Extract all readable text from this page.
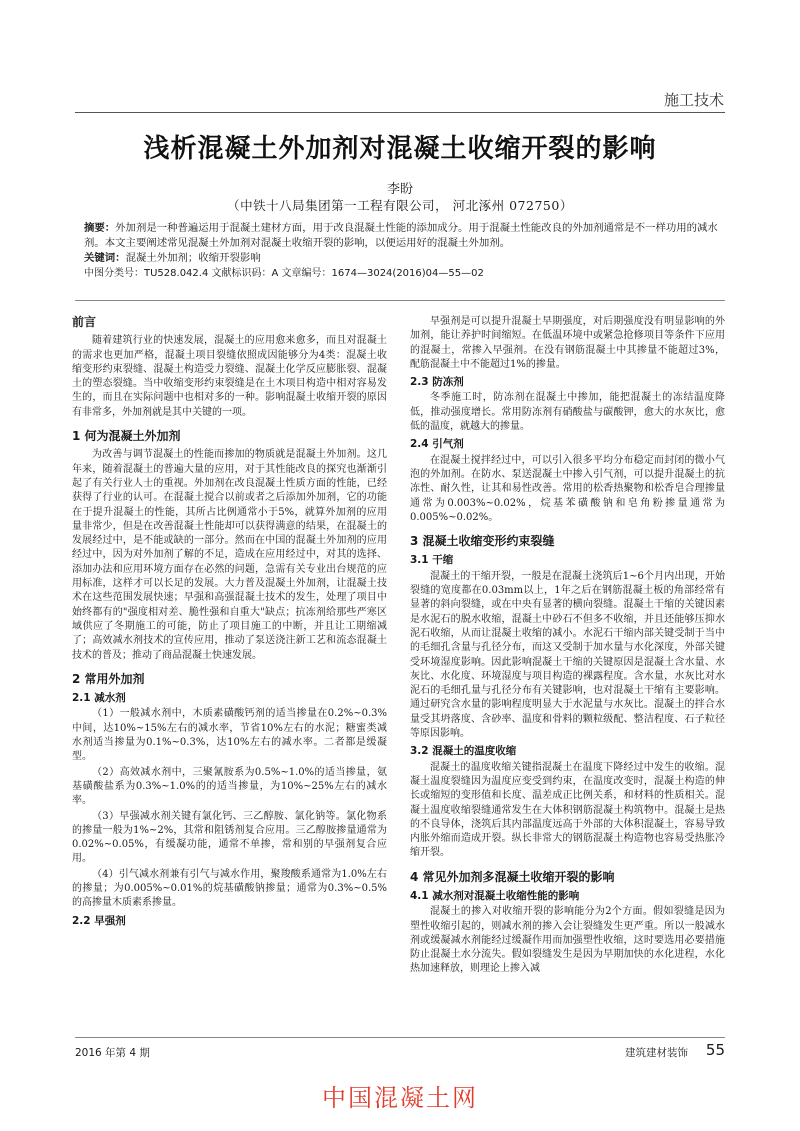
施工技术
浅析混凝土外加剂对混凝土收缩开裂的影响
李盼
（中铁十八局集团第一工程有限公司， 河北涿州 072750）

摘要：外加剂是一种普遍运用于混凝土建材方面，用于改良混凝土性能的添加成分。用于混凝土性能改良的外加剂通常是不一样功用的减水剂。本文主要阐述常见混凝土外加剂对混凝土收缩开裂的影响，以便运用好的混凝土外加剂。

关键词：混凝土外加剂；收缩开裂影响

中图分类号：TU528.042.4 文献标识码：A 文章编号：1674—3024(2016)04—55—02

前言

随着建筑行业的快速发展，混凝土的应用愈来愈多，而且对混凝土的需求也更加严格，混凝土项目裂缝依照成因能够分为4类：混凝土收缩变形约束裂缝、混凝土构造受力裂缝、混凝土化学反应膨胀裂、混凝土的塑态裂缝。当中收缩变形约束裂缝是在土木项目构造中相对容易发生的，而且在实际问题中也相对多的一种。影响混凝土收缩开裂的原因有非常多，外加剂就是其中关键的一项。

1 何为混凝土外加剂

为改善与调节混凝土的性能而掺加的物质就是混凝土外加剂。这几年来，随着混凝土的普遍大量的应用，对于其性能改良的探究也渐渐引起了有关行业人士的重视。外加剂在改良混凝土性质方面的性能，已经获得了行业的认可。在混凝土搅合以前或者之后添加外加剂，它的功能在于提升混凝土的性能，其所占比例通常小于5%，就算外加剂的应用量非常少，但是在改善混凝土性能却可以获得满意的结果，在混凝土的发展经过中，是不能或缺的一部分。然而在中国的混凝土外加剂的应用经过中，因为对外加剂了解的不足，造成在应用经过中，对其的选择、添加办法和应用环境方面存在必然的问题，急需有关专业出台规范的应用标准，这样才可以长足的发展。大力普及混凝土外加剂，让混凝土技术在这些范围发展快速；早强和高强混凝土技术的发生，处理了项目中始终都有的"强度相对差、脆性强和自重大"缺点；抗冻剂给那些严寒区域供应了冬期施工的可能，防止了项目施工的中断，并且让工期缩减了；高效减水剂技术的宣传应用，推动了泵送浇注新工艺和流态混凝土技术的普及；推动了商品混凝土快速发展。

2 常用外加剂
2.1 减水剂

（1）一般减水剂中，木质素磺酸钙剂的适当掺量在0.2%~0.3%中间，达10%~15%左右的减水率，节省10%左右的水泥；糖蜜类减水剂适当掺量为0.1%~0.3%，达10%左右的减水率。二者都是缓凝型。

（2）高效减水剂中，三聚氰胺系为0.5%~1.0%的适当掺量，氨基磺酸盐系为0.3%~1.0%的的适当掺量，为10%~25%左右的减水率。

（3）早强减水剂关键有氯化钙、三乙醇胺、氯化钠等。氯化物系的掺量一般为1%~2%，其常和阻锈剂复合应用。三乙醇胺掺量通常为0.02%~0.05%，有缓凝功能，通常不单掺，常和别的早强剂复合应用。

（4）引气减水剂兼有引气与减水作用，聚羧酸系通常为1.0%左右的掺量；为0.005%~0.01%的烷基磺酸钠掺量；通常为0.3%~0.5%的高掺量木质素系掺量。

2.2 早强剂

早强剂是可以提升混凝土早期强度，对后期强度没有明显影响的外加剂，能让养护时间缩短。在低温环境中或紧急抢修项目等条件下应用的混凝土，常掺入早强剂。在没有钢筋混凝土中其掺量不能超过3%，配筋混凝土中不能超过1%的掺量。

2.3 防冻剂

冬季施工时，防冻剂在混凝土中掺加，能把混凝土的冻结温度降低，推动强度增长。常用防冻剂有硝酸盐与碳酸钾，愈大的水灰比，愈低的温度，就越大的掺量。

2.4 引气剂

在混凝土搅拌经过中，可以引入很多平均分布稳定而封闭的微小气泡的外加剂。在防水、泵送混凝土中掺入引气剂，可以提升混凝土的抗冻性、耐久性，让其和易性改善。常用的松香热聚物和松香皂合理掺量通常为0.003%~0.02%，烷基苯磺酸钠和皂角粉掺量通常为0.005%~0.02%。

3 混凝土收缩变形约束裂缝
3.1 干缩

混凝土的干缩开裂，一般是在混凝土浇筑后1~6个月内出现，开始裂缝的宽度都在0.03mm以上，1年之后在钢筋混凝土板的角部经常有显著的斜向裂缝，或在中央有显著的横向裂缝。混凝土干缩的关键因素是水泥石的脱水收缩，混凝土中砂石不但多不收缩，并且还能够压抑水泥石收缩，从而让混凝土收缩的减小。水泥石干缩内部关键受制于当中的毛细孔含量与孔径分布，而这又受制于加水量与水化深度，外部关键受环境湿度影响。因此影响混凝土干缩的关键原因是混凝土含水量、水灰比、水化度、环境湿度与项目构造的裸露程度。含水量，水灰比对水泥石的毛细孔量与孔径分布有关键影响，也对混凝土干缩有主要影响。通过研究含水量的影响程度明显大于水泥量与水灰比。混凝土的拌合水量受其坍落度、含砂率、温度和骨料的颗粒级配、整洁程度、石子粒径等原因影响。

3.2 混凝土的温度收缩

混凝土的温度收缩关键指混凝土在温度下降经过中发生的收缩。混凝土温度裂缝因为温度应变受到约束，在温度改变时，混凝土构造的伸长或缩短的变形值和长度、温差成正比例关系，和材料的性质相关。混凝土温度收缩裂缝通常发生在大体积钢筋混凝土构筑物中。混凝土是热的不良导体，浇筑后其内部温度远高于外部的大体积混凝土，容易导致内胀外缩而造成开裂。纵长非常大的钢筋混凝土构造物也容易受热胀冷缩开裂。

4 常见外加剂多混凝土收缩开裂的影响
4.1 减水剂对混凝土收缩性能的影响

混凝土的掺入对收缩开裂的影响能分为2个方面。假如裂缝是因为塑性收缩引起的，则减水剂的掺入会让裂缝发生更严重。所以一般减水剂或缓凝减水剂能经过缓凝作用而加强塑性收缩，这时要选用必要措施防止混凝土水分流失。假如裂缝发生是因为早期加快的水化进程，水化热加速释放，则理论上掺入减

2016 年第 4 期	建筑建材装饰 55
中国混凝土网
